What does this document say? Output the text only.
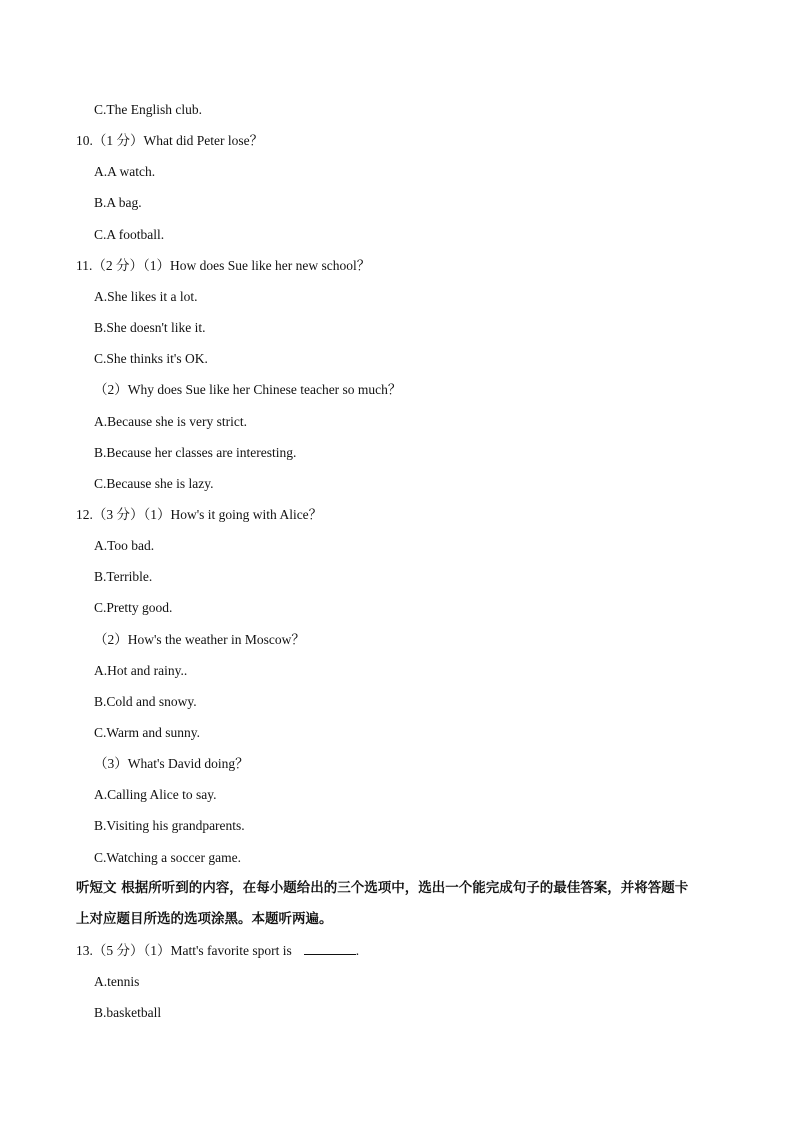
C.The English club.
10.（1 分）What did Peter lose？
A.A watch.
B.A bag.
C.A football.
11.（2 分）（1）How does Sue like her new school？
A.She likes it a lot.
B.She doesn't like it.
C.She thinks it's OK.
（2）Why does Sue like her Chinese teacher so much？
A.Because she is very strict.
B.Because her classes are interesting.
C.Because she is lazy.
12.（3 分）（1）How's it going with Alice？
A.Too bad.
B.Terrible.
C.Pretty good.
（2）How's the weather in Moscow？
A.Hot and rainy..
B.Cold and snowy.
C.Warm and sunny.
（3）What's David doing？
A.Calling Alice to say.
B.Visiting his grandparents.
C.Watching a soccer game.
听短文 根据所听到的内容，在每小题给出的三个选项中，选出一个能完成句子的最佳答案，并将答题卡
上对应题目所选的选项涂黑。本题听两遍。
13.（5 分）（1）Matt's favorite sport is	.
A.tennis
B.basketball
